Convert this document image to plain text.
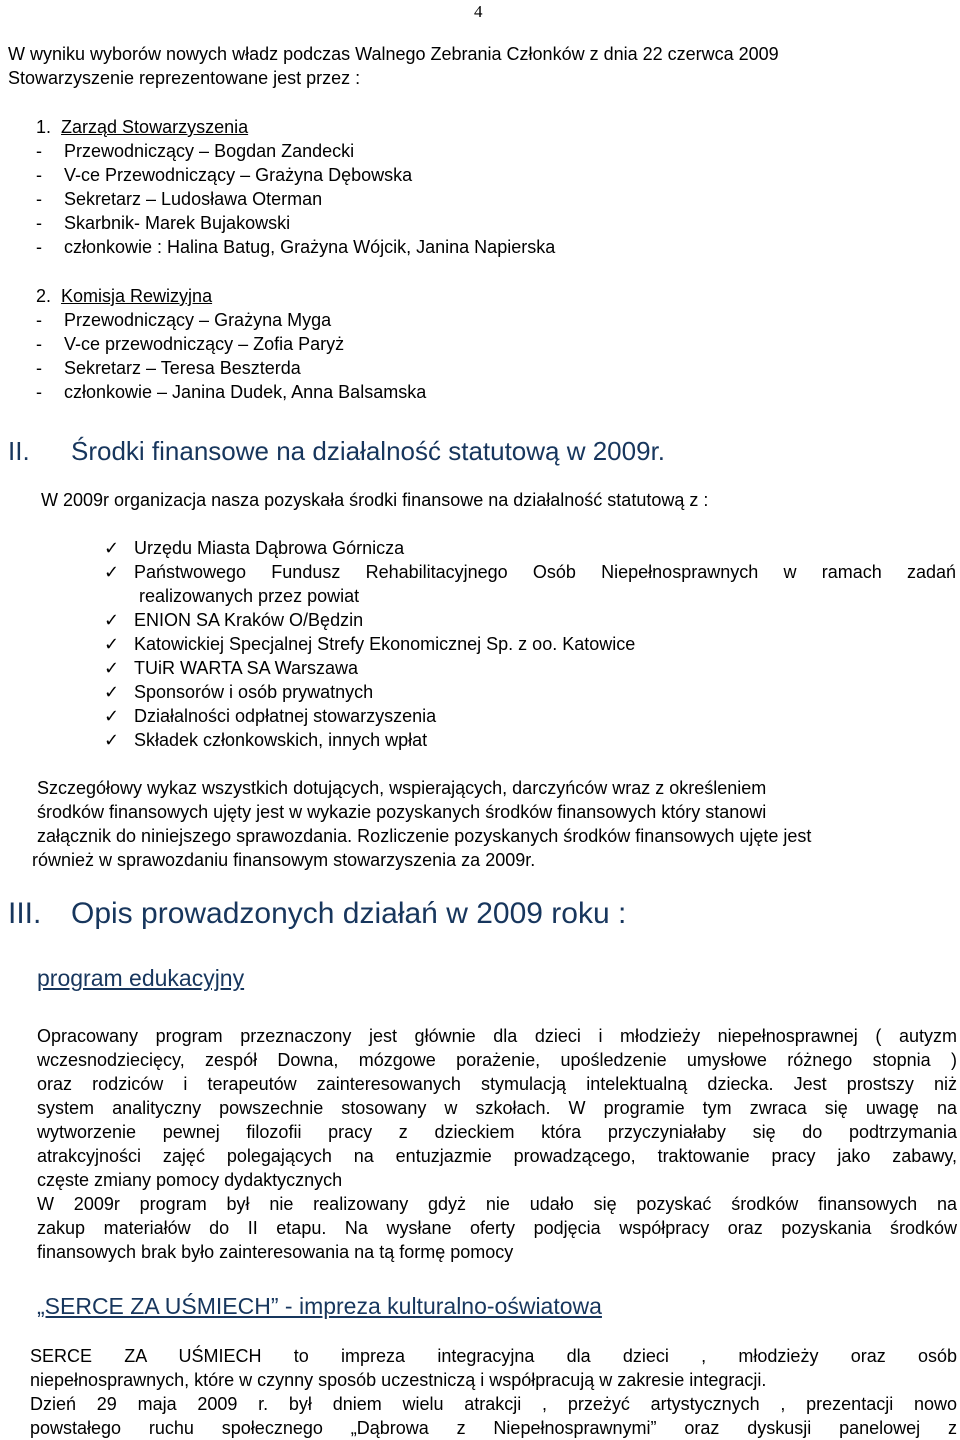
4
W wyniku wyborów nowych władz podczas Walnego Zebrania Członków z dnia 22 czerwca 2009
Stowarzyszenie reprezentowane jest przez :
1. Zarząd Stowarzyszenia
- Przewodniczący – Bogdan Zandecki
- V-ce Przewodniczący – Grażyna Dębowska
- Sekretarz – Ludosława Oterman
- Skarbnik- Marek Bujakowski
- członkowie : Halina Batug, Grażyna Wójcik, Janina Napierska
2. Komisja Rewizyjna
- Przewodniczący – Grażyna Myga
- V-ce przewodniczący – Zofia Paryż
- Sekretarz – Teresa Beszterda
- członkowie – Janina Dudek, Anna Balsamska
II. Środki finansowe na działalność statutową w 2009r.
W 2009r organizacja nasza pozyskała środki finansowe na działalność statutową z :
✓ Urzędu Miasta Dąbrowa Górnicza
✓ Państwowego Fundusz Rehabilitacyjnego Osób Niepełnosprawnych w ramach zadań
realizowanych przez powiat
✓ ENION SA Kraków O/Będzin
✓ Katowickiej Specjalnej Strefy Ekonomicznej Sp. z oo. Katowice
✓ TUiR WARTA SA Warszawa
✓ Sponsorów i osób prywatnych
✓ Działalności odpłatnej stowarzyszenia
✓ Składek członkowskich, innych wpłat
Szczegółowy wykaz wszystkich dotujących, wspierających, darczyńców wraz z określeniem
środków finansowych ujęty jest w wykazie pozyskanych środków finansowych który stanowi
załącznik do niniejszego sprawozdania. Rozliczenie pozyskanych środków finansowych ujęte jest
również w sprawozdaniu finansowym stowarzyszenia za 2009r.
III. Opis prowadzonych działań w 2009 roku :
program edukacyjny
Opracowany program przeznaczony jest głównie dla dzieci i młodzieży niepełnosprawnej ( autyzm
wczesnodziecięcy, zespół Downa, mózgowe porażenie, upośledzenie umysłowe różnego stopnia )
oraz rodziców i terapeutów zainteresowanych stymulacją intelektualną dziecka. Jest prostszy niż
system analityczny powszechnie stosowany w szkołach. W programie tym zwraca się uwagę na
wytworzenie pewnej filozofii pracy z dzieckiem która przyczyniałaby się do podtrzymania
atrakcyjności zajęć polegających na entuzjazmie prowadzącego, traktowanie pracy jako zabawy,
częste zmiany pomocy dydaktycznych
W 2009r program był nie realizowany gdyż nie udało się pozyskać środków finansowych na
zakup materiałów do II etapu. Na wysłane oferty podjęcia współpracy oraz pozyskania środków
finansowych brak było zainteresowania na tą formę pomocy
„SERCE ZA UŚMIECH” - impreza kulturalno-oświatowa
SERCE ZA UŚMIECH to impreza integracyjna dla dzieci , młodzieży oraz osób
niepełnosprawnych, które w czynny sposób uczestniczą i współpracują w zakresie integracji.
Dzień 29 maja 2009 r. był dniem wielu atrakcji , przeżyć artystycznych , prezentacji nowo
powstałego ruchu społecznego „Dąbrowa z Niepełnosprawnymi” oraz dyskusji panelowej z
